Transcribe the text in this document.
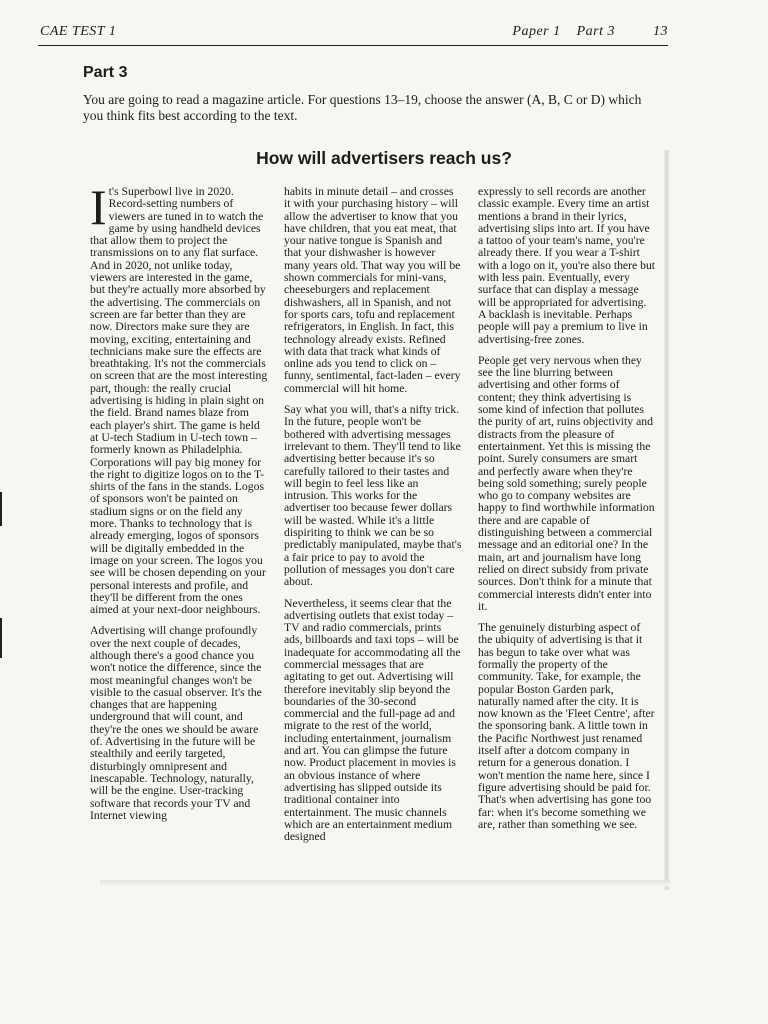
CAE TEST 1	Paper 1 Part 3	13
Part 3
You are going to read a magazine article. For questions 13–19, choose the answer (A, B, C or D) which you think fits best according to the text.
How will advertisers reach us?

It's Superbowl live in 2020. Record-setting numbers of viewers are tuned in to watch the game by using handheld devices that allow them to project the transmissions on to any flat surface. And in 2020, not unlike today, viewers are interested in the game, but they're actually more absorbed by the advertising. The commercials on screen are far better than they are now. Directors make sure they are moving, exciting, entertaining and technicians make sure the effects are breathtaking. It's not the commercials on screen that are the most interesting part, though: the really crucial advertising is hiding in plain sight on the field. Brand names blaze from each player's shirt. The game is held at U-tech Stadium in U-tech town – formerly known as Philadelphia. Corporations will pay big money for the right to digitize logos on to the T-shirts of the fans in the stands. Logos of sponsors won't be painted on stadium signs or on the field any more. Thanks to technology that is already emerging, logos of sponsors will be digitally embedded in the image on your screen. The logos you see will be chosen depending on your personal interests and profile, and they'll be different from the ones aimed at your next-door neighbours.

Advertising will change profoundly over the next couple of decades, although there's a good chance you won't notice the difference, since the most meaningful changes won't be visible to the casual observer. It's the changes that are happening underground that will count, and they're the ones we should be aware of. Advertising in the future will be stealthily and eerily targeted, disturbingly omnipresent and inescapable. Technology, naturally, will be the engine. User-tracking software that records your TV and Internet viewing

habits in minute detail – and crosses it with your purchasing history – will allow the advertiser to know that you have children, that you eat meat, that your native tongue is Spanish and that your dishwasher is however many years old. That way you will be shown commercials for mini-vans, cheeseburgers and replacement dishwashers, all in Spanish, and not for sports cars, tofu and replacement refrigerators, in English. In fact, this technology already exists. Refined with data that track what kinds of online ads you tend to click on – funny, sentimental, fact-laden – every commercial will hit home.

Say what you will, that's a nifty trick. In the future, people won't be bothered with advertising messages irrelevant to them. They'll tend to like advertising better because it's so carefully tailored to their tastes and will begin to feel less like an intrusion. This works for the advertiser too because fewer dollars will be wasted. While it's a little dispiriting to think we can be so predictably manipulated, maybe that's a fair price to pay to avoid the pollution of messages you don't care about.

Nevertheless, it seems clear that the advertising outlets that exist today – TV and radio commercials, prints ads, billboards and taxi tops – will be inadequate for accommodating all the commercial messages that are agitating to get out. Advertising will therefore inevitably slip beyond the boundaries of the 30-second commercial and the full-page ad and migrate to the rest of the world, including entertainment, journalism and art. You can glimpse the future now. Product placement in movies is an obvious instance of where advertising has slipped outside its traditional container into entertainment. The music channels which are an entertainment medium designed

expressly to sell records are another classic example. Every time an artist mentions a brand in their lyrics, advertising slips into art. If you have a tattoo of your team's name, you're already there. If you wear a T-shirt with a logo on it, you're also there but with less pain. Eventually, every surface that can display a message will be appropriated for advertising. A backlash is inevitable. Perhaps people will pay a premium to live in advertising-free zones.

People get very nervous when they see the line blurring between advertising and other forms of content; they think advertising is some kind of infection that pollutes the purity of art, ruins objectivity and distracts from the pleasure of entertainment. Yet this is missing the point. Surely consumers are smart and perfectly aware when they're being sold something; surely people who go to company websites are happy to find worthwhile information there and are capable of distinguishing between a commercial message and an editorial one? In the main, art and journalism have long relied on direct subsidy from private sources. Don't think for a minute that commercial interests didn't enter into it.

The genuinely disturbing aspect of the ubiquity of advertising is that it has begun to take over what was formally the property of the community. Take, for example, the popular Boston Garden park, naturally named after the city. It is now known as the 'Fleet Centre', after the sponsoring bank. A little town in the Pacific Northwest just renamed itself after a dotcom company in return for a generous donation. I won't mention the name here, since I figure advertising should be paid for. That's when advertising has gone too far: when it's become something we are, rather than something we see.
